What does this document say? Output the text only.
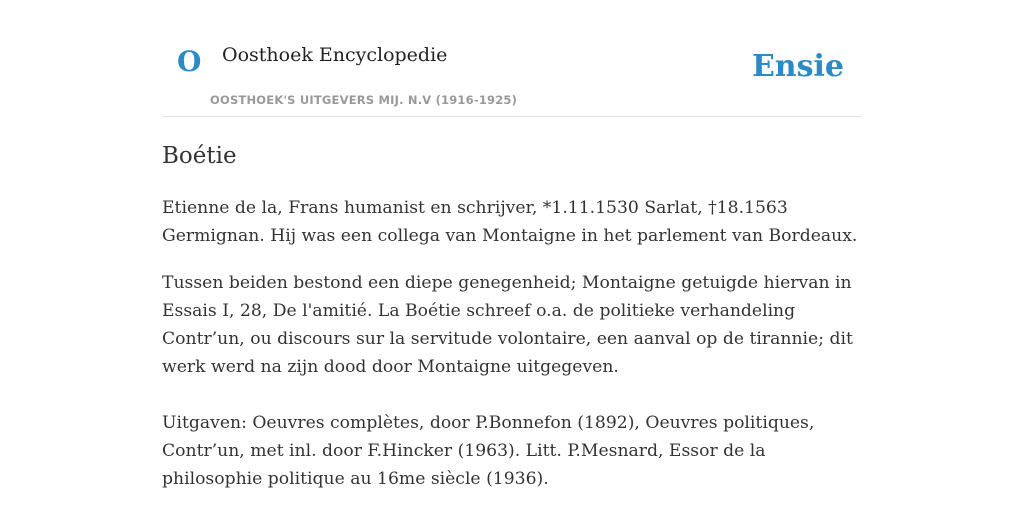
O Oosthoek Encyclopedie
OOSTHOEK'S UITGEVERS MIJ. N.V (1916-1925)
Ensie
Boétie

Etienne de la, Frans humanist en schrijver, *1.11.1530 Sarlat, †18.1563 Germignan. Hij was een collega van Montaigne in het parlement van Bordeaux.

Tussen beiden bestond een diepe genegenheid; Montaigne getuigde hiervan in Essais I, 28, De l'amitié. La Boétie schreef o.a. de politieke verhandeling Contr’un, ou discours sur la servitude volontaire, een aanval op de tirannie; dit werk werd na zijn dood door Montaigne uitgegeven.

Uitgaven: Oeuvres complètes, door P.Bonnefon (1892), Oeuvres politiques, Contr’un, met inl. door F.Hincker (1963). Litt. P.Mesnard, Essor de la philosophie politique au 16me siècle (1936).
